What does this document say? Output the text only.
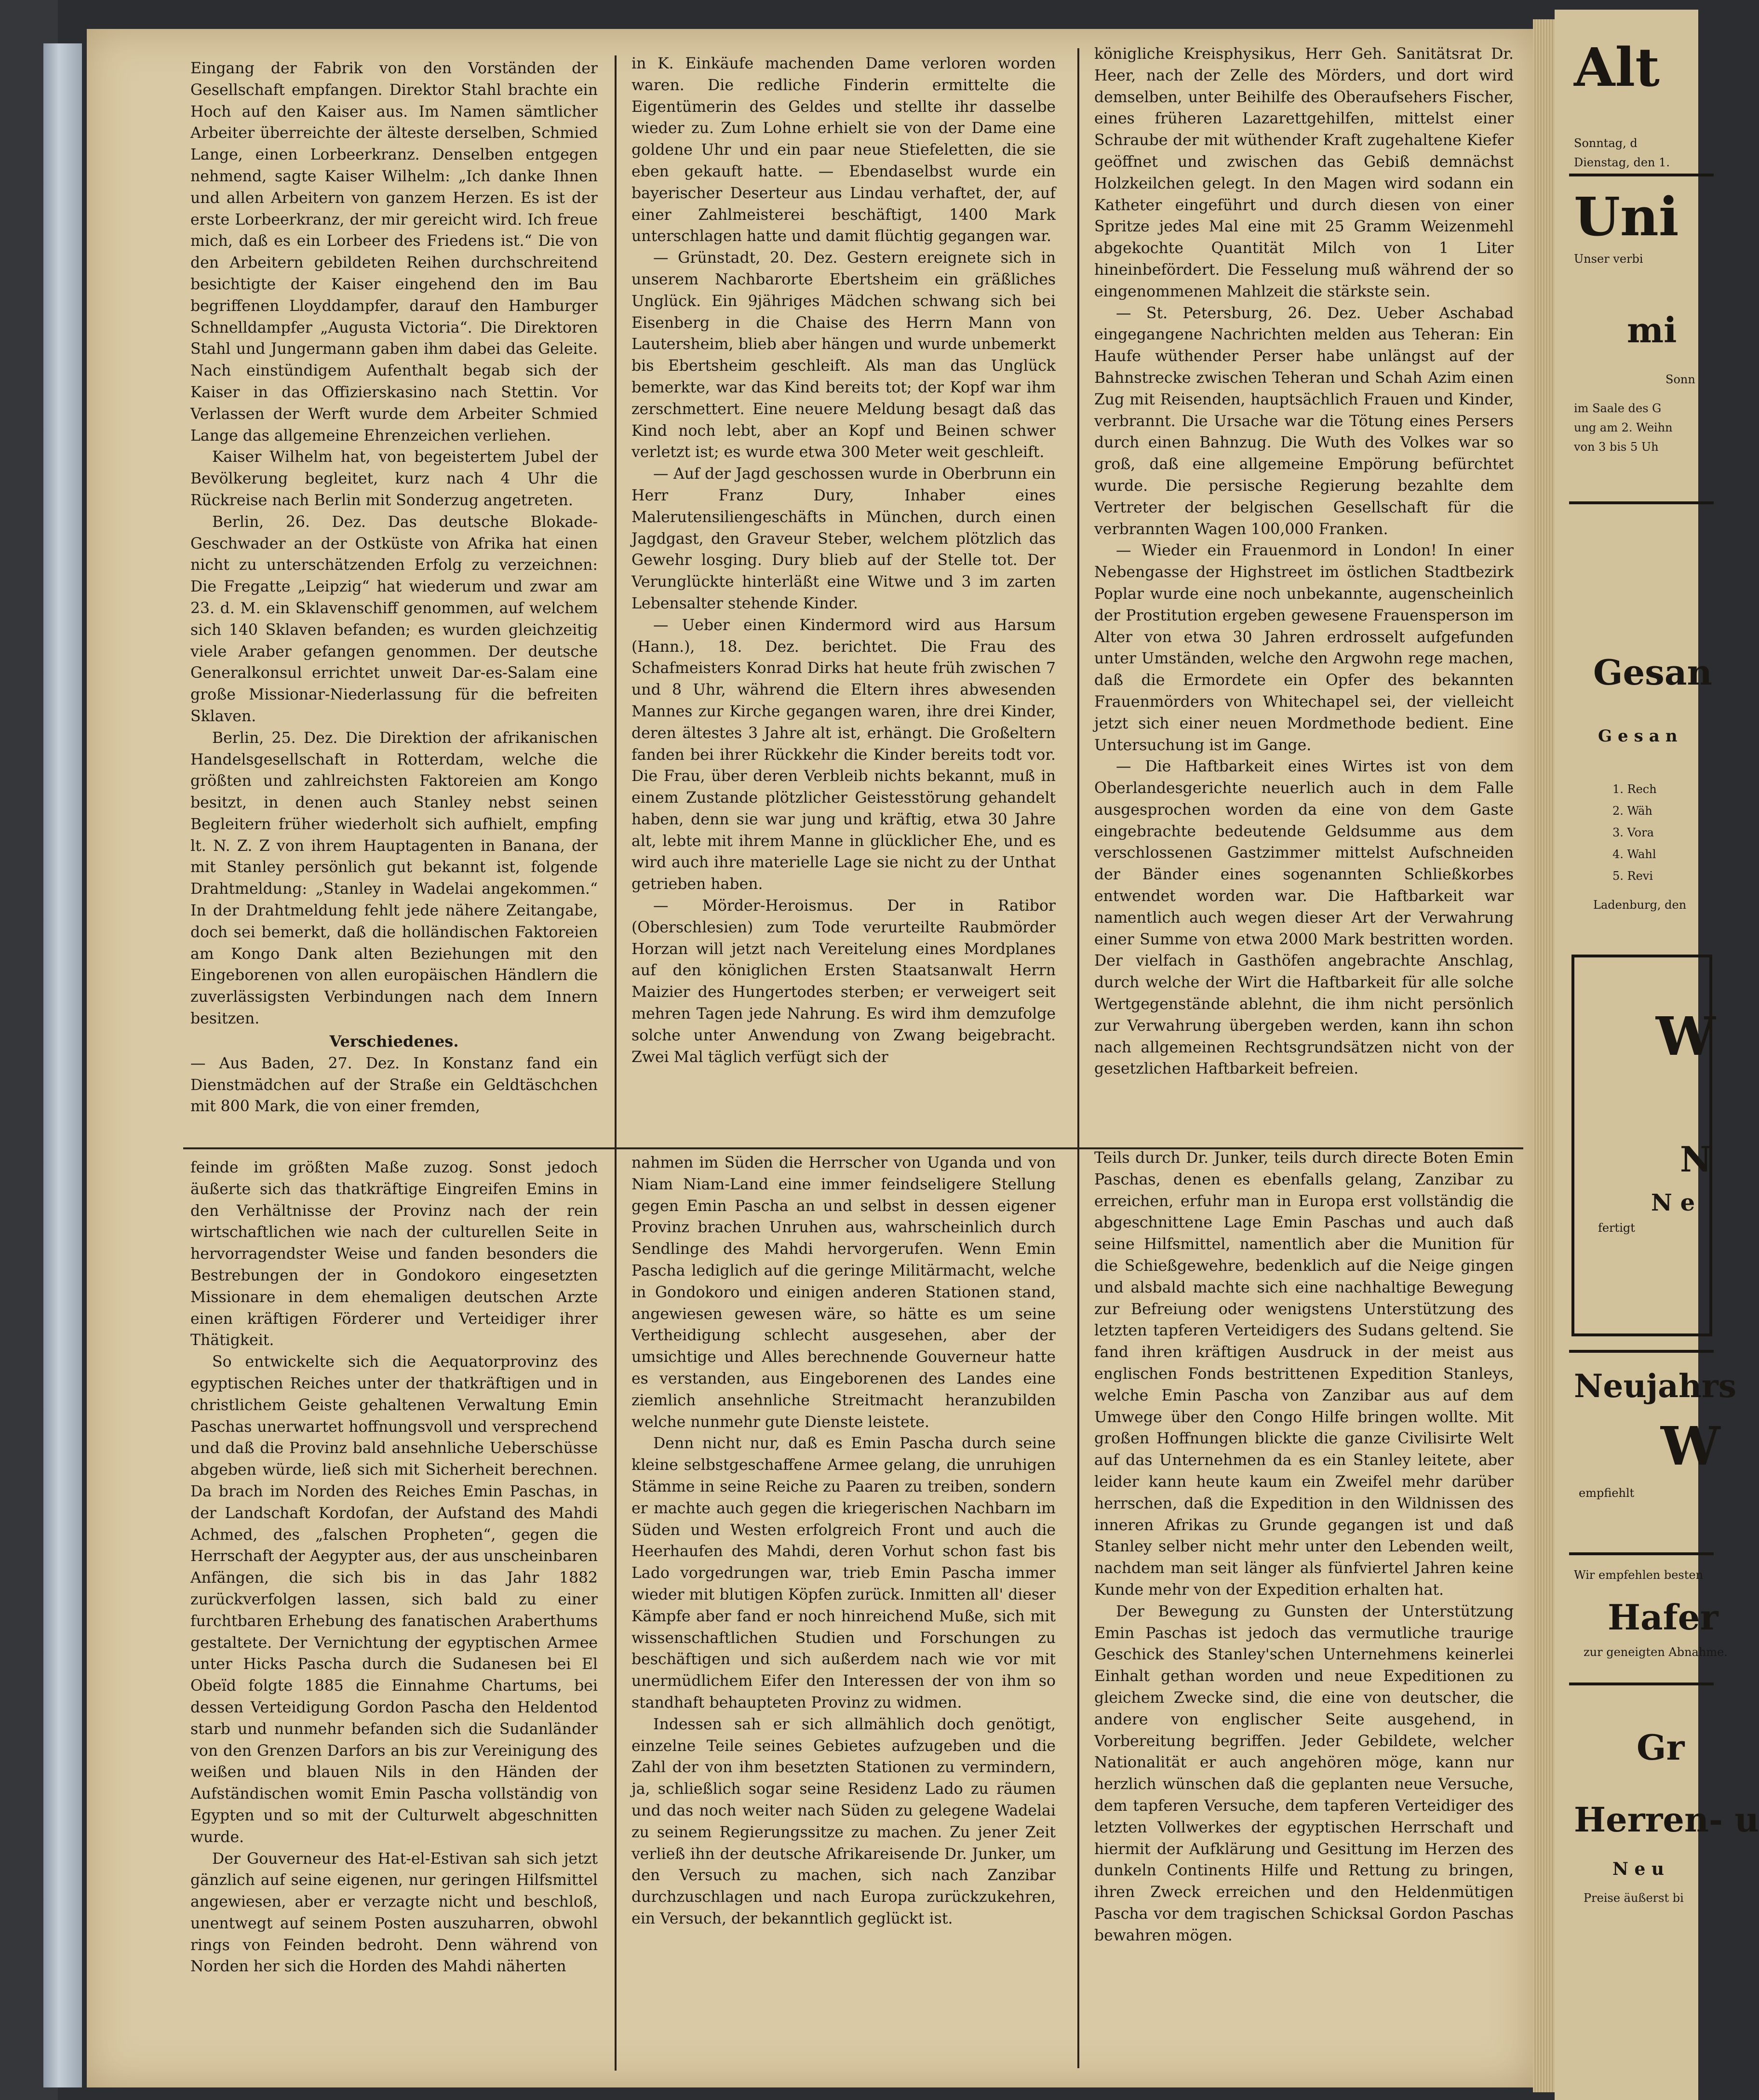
Eingang der Fabrik von den Vorständen der Gesellschaft empfangen. Direktor Stahl brachte ein Hoch auf den Kaiser aus. Im Namen sämtlicher Arbeiter überreichte der älteste derselben, Schmied Lange, einen Lorbeerkranz. Denselben entgegen nehmend, sagte Kaiser Wilhelm: „Ich danke Ihnen und allen Arbeitern von ganzem Herzen. Es ist der erste Lorbeerkranz, der mir gereicht wird. Ich freue mich, daß es ein Lorbeer des Friedens ist.“ Die von den Arbeitern gebildeten Reihen durchschreitend besichtigte der Kaiser eingehend den im Bau begriffenen Lloyddampfer, darauf den Hamburger Schnelldampfer „Augusta Victoria“. Die Direktoren Stahl und Jungermann gaben ihm dabei das Geleite. Nach einstündigem Aufenthalt begab sich der Kaiser in das Offizierskasino nach Stettin. Vor Verlassen der Werft wurde dem Arbeiter Schmied Lange das allgemeine Ehrenzeichen verliehen.

Kaiser Wilhelm hat, von begeistertem Jubel der Bevölkerung begleitet, kurz nach 4 Uhr die Rückreise nach Berlin mit Sonderzug angetreten.

Berlin, 26. Dez. Das deutsche Blokade-Geschwader an der Ostküste von Afrika hat einen nicht zu unterschätzenden Erfolg zu verzeichnen: Die Fregatte „Leipzig“ hat wiederum und zwar am 23. d. M. ein Sklavenschiff genommen, auf welchem sich 140 Sklaven befanden; es wurden gleichzeitig viele Araber gefangen genommen. Der deutsche Generalkonsul errichtet unweit Dar-es-Salam eine große Missionar-Niederlassung für die befreiten Sklaven.

Berlin, 25. Dez. Die Direktion der afrikanischen Handelsgesellschaft in Rotterdam, welche die größten und zahlreichsten Faktoreien am Kongo besitzt, in denen auch Stanley nebst seinen Begleitern früher wiederholt sich aufhielt, empfing lt. N. Z. Z von ihrem Hauptagenten in Banana, der mit Stanley persönlich gut bekannt ist, folgende Drahtmeldung: „Stanley in Wadelai angekommen.“ In der Drahtmeldung fehlt jede nähere Zeitangabe, doch sei bemerkt, daß die holländischen Faktoreien am Kongo Dank alten Beziehungen mit den Eingeborenen von allen europäischen Händlern die zuverlässigsten Verbindungen nach dem Innern besitzen.

Verschiedenes.

— Aus Baden, 27. Dez. In Konstanz fand ein Dienstmädchen auf der Straße ein Geldtäschchen mit 800 Mark, die von einer fremden,

in K. Einkäufe machenden Dame verloren worden waren. Die redliche Finderin ermittelte die Eigentümerin des Geldes und stellte ihr dasselbe wieder zu. Zum Lohne erhielt sie von der Dame eine goldene Uhr und ein paar neue Stiefeletten, die sie eben gekauft hatte. — Ebendaselbst wurde ein bayerischer Deserteur aus Lindau verhaftet, der, auf einer Zahlmeisterei beschäftigt, 1400 Mark unterschlagen hatte und damit flüchtig gegangen war.

— Grünstadt, 20. Dez. Gestern ereignete sich in unserem Nachbarorte Ebertsheim ein gräßliches Unglück. Ein 9jähriges Mädchen schwang sich bei Eisenberg in die Chaise des Herrn Mann von Lautersheim, blieb aber hängen und wurde unbemerkt bis Ebertsheim geschleift. Als man das Unglück bemerkte, war das Kind bereits tot; der Kopf war ihm zerschmettert. Eine neuere Meldung besagt daß das Kind noch lebt, aber an Kopf und Beinen schwer verletzt ist; es wurde etwa 300 Meter weit geschleift.

— Auf der Jagd geschossen wurde in Oberbrunn ein Herr Franz Dury, Inhaber eines Malerutensiliengeschäfts in München, durch einen Jagdgast, den Graveur Steber, welchem plötzlich das Gewehr losging. Dury blieb auf der Stelle tot. Der Verunglückte hinterläßt eine Witwe und 3 im zarten Lebensalter stehende Kinder.

— Ueber einen Kindermord wird aus Harsum (Hann.), 18. Dez. berichtet. Die Frau des Schafmeisters Konrad Dirks hat heute früh zwischen 7 und 8 Uhr, während die Eltern ihres abwesenden Mannes zur Kirche gegangen waren, ihre drei Kinder, deren ältestes 3 Jahre alt ist, erhängt. Die Großeltern fanden bei ihrer Rückkehr die Kinder bereits todt vor. Die Frau, über deren Verbleib nichts bekannt, muß in einem Zustande plötzlicher Geistesstörung gehandelt haben, denn sie war jung und kräftig, etwa 30 Jahre alt, lebte mit ihrem Manne in glücklicher Ehe, und es wird auch ihre materielle Lage sie nicht zu der Unthat getrieben haben.

— Mörder-Heroismus. Der in Ratibor (Oberschlesien) zum Tode verurteilte Raubmörder Horzan will jetzt nach Vereitelung eines Mordplanes auf den königlichen Ersten Staatsanwalt Herrn Maizier des Hungertodes sterben; er verweigert seit mehren Tagen jede Nahrung. Es wird ihm demzufolge solche unter Anwendung von Zwang beigebracht. Zwei Mal täglich verfügt sich der

königliche Kreisphysikus, Herr Geh. Sanitätsrat Dr. Heer, nach der Zelle des Mörders, und dort wird demselben, unter Beihilfe des Oberaufsehers Fischer, eines früheren Lazarettgehilfen, mittelst einer Schraube der mit wüthender Kraft zugehaltene Kiefer geöffnet und zwischen das Gebiß demnächst Holzkeilchen gelegt. In den Magen wird sodann ein Katheter eingeführt und durch diesen von einer Spritze jedes Mal eine mit 25 Gramm Weizenmehl abgekochte Quantität Milch von 1 Liter hineinbefördert. Die Fesselung muß während der so eingenommenen Mahlzeit die stärkste sein.

— St. Petersburg, 26. Dez. Ueber Aschabad eingegangene Nachrichten melden aus Teheran: Ein Haufe wüthender Perser habe unlängst auf der Bahnstrecke zwischen Teheran und Schah Azim einen Zug mit Reisenden, hauptsächlich Frauen und Kinder, verbrannt. Die Ursache war die Tötung eines Persers durch einen Bahnzug. Die Wuth des Volkes war so groß, daß eine allgemeine Empörung befürchtet wurde. Die persische Regierung bezahlte dem Vertreter der belgischen Gesellschaft für die verbrannten Wagen 100,000 Franken.

— Wieder ein Frauenmord in London! In einer Nebengasse der Highstreet im östlichen Stadtbezirk Poplar wurde eine noch unbekannte, augenscheinlich der Prostitution ergeben gewesene Frauensperson im Alter von etwa 30 Jahren erdrosselt aufgefunden unter Umständen, welche den Argwohn rege machen, daß die Ermordete ein Opfer des bekannten Frauenmörders von Whitechapel sei, der vielleicht jetzt sich einer neuen Mordmethode bedient. Eine Untersuchung ist im Gange.

— Die Haftbarkeit eines Wirtes ist von dem Oberlandesgerichte neuerlich auch in dem Falle ausgesprochen worden da eine von dem Gaste eingebrachte bedeutende Geldsumme aus dem verschlossenen Gastzimmer mittelst Aufschneiden der Bänder eines sogenannten Schließkorbes entwendet worden war. Die Haftbarkeit war namentlich auch wegen dieser Art der Verwahrung einer Summe von etwa 2000 Mark bestritten worden. Der vielfach in Gasthöfen angebrachte Anschlag, durch welche der Wirt die Haftbarkeit für alle solche Wertgegenstände ablehnt, die ihm nicht persönlich zur Verwahrung übergeben werden, kann ihn schon nach allgemeinen Rechtsgrundsätzen nicht von der gesetzlichen Haftbarkeit befreien.

feinde im größten Maße zuzog. Sonst jedoch äußerte sich das thatkräftige Eingreifen Emins in den Verhältnisse der Provinz nach der rein wirtschaftlichen wie nach der culturellen Seite in hervorragendster Weise und fanden besonders die Bestrebungen der in Gondokoro eingesetzten Missionare in dem ehemaligen deutschen Arzte einen kräftigen Förderer und Verteidiger ihrer Thätigkeit.

So entwickelte sich die Aequatorprovinz des egyptischen Reiches unter der thatkräftigen und in christlichem Geiste gehaltenen Verwaltung Emin Paschas unerwartet hoffnungsvoll und versprechend und daß die Provinz bald ansehnliche Ueberschüsse abgeben würde, ließ sich mit Sicherheit berechnen. Da brach im Norden des Reiches Emin Paschas, in der Landschaft Kordofan, der Aufstand des Mahdi Achmed, des „falschen Propheten“, gegen die Herrschaft der Aegypter aus, der aus unscheinbaren Anfängen, die sich bis in das Jahr 1882 zurückverfolgen lassen, sich bald zu einer furchtbaren Erhebung des fanatischen Araberthums gestaltete. Der Vernichtung der egyptischen Armee unter Hicks Pascha durch die Sudanesen bei El Obeïd folgte 1885 die Einnahme Chartums, bei dessen Verteidigung Gordon Pascha den Heldentod starb und nunmehr befanden sich die Sudanländer von den Grenzen Darfors an bis zur Vereinigung des weißen und blauen Nils in den Händen der Aufständischen womit Emin Pascha vollständig von Egypten und so mit der Culturwelt abgeschnitten wurde.

Der Gouverneur des Hat-el-Estivan sah sich jetzt gänzlich auf seine eigenen, nur geringen Hilfsmittel angewiesen, aber er verzagte nicht und beschloß, unentwegt auf seinem Posten auszuharren, obwohl rings von Feinden bedroht. Denn während von Norden her sich die Horden des Mahdi näherten

nahmen im Süden die Herrscher von Uganda und von Niam Niam-Land eine immer feindseligere Stellung gegen Emin Pascha an und selbst in dessen eigener Provinz brachen Unruhen aus, wahrscheinlich durch Sendlinge des Mahdi hervorgerufen. Wenn Emin Pascha lediglich auf die geringe Militärmacht, welche in Gondokoro und einigen anderen Stationen stand, angewiesen gewesen wäre, so hätte es um seine Vertheidigung schlecht ausgesehen, aber der umsichtige und Alles berechnende Gouverneur hatte es verstanden, aus Eingeborenen des Landes eine ziemlich ansehnliche Streitmacht heranzubilden welche nunmehr gute Dienste leistete.

Denn nicht nur, daß es Emin Pascha durch seine kleine selbstgeschaffene Armee gelang, die unruhigen Stämme in seine Reiche zu Paaren zu treiben, sondern er machte auch gegen die kriegerischen Nachbarn im Süden und Westen erfolgreich Front und auch die Heerhaufen des Mahdi, deren Vorhut schon fast bis Lado vorgedrungen war, trieb Emin Pascha immer wieder mit blutigen Köpfen zurück. Inmitten all' dieser Kämpfe aber fand er noch hinreichend Muße, sich mit wissenschaftlichen Studien und Forschungen zu beschäftigen und sich außerdem nach wie vor mit unermüdlichem Eifer den Interessen der von ihm so standhaft behaupteten Provinz zu widmen.

Indessen sah er sich allmählich doch genötigt, einzelne Teile seines Gebietes aufzugeben und die Zahl der von ihm besetzten Stationen zu vermindern, ja, schließlich sogar seine Residenz Lado zu räumen und das noch weiter nach Süden zu gelegene Wadelai zu seinem Regierungssitze zu machen. Zu jener Zeit verließ ihn der deutsche Afrikareisende Dr. Junker, um den Versuch zu machen, sich nach Zanzibar durchzuschlagen und nach Europa zurückzukehren, ein Versuch, der bekanntlich geglückt ist.

Teils durch Dr. Junker, teils durch directe Boten Emin Paschas, denen es ebenfalls gelang, Zanzibar zu erreichen, erfuhr man in Europa erst vollständig die abgeschnittene Lage Emin Paschas und auch daß seine Hilfsmittel, namentlich aber die Munition für die Schießgewehre, bedenklich auf die Neige gingen und alsbald machte sich eine nachhaltige Bewegung zur Befreiung oder wenigstens Unterstützung des letzten tapferen Verteidigers des Sudans geltend. Sie fand ihren kräftigen Ausdruck in der meist aus englischen Fonds bestrittenen Expedition Stanleys, welche Emin Pascha von Zanzibar aus auf dem Umwege über den Congo Hilfe bringen wollte. Mit großen Hoffnungen blickte die ganze Civilisirte Welt auf das Unternehmen da es ein Stanley leitete, aber leider kann heute kaum ein Zweifel mehr darüber herrschen, daß die Expedition in den Wildnissen des inneren Afrikas zu Grunde gegangen ist und daß Stanley selber nicht mehr unter den Lebenden weilt, nachdem man seit länger als fünfviertel Jahren keine Kunde mehr von der Expedition erhalten hat.

Der Bewegung zu Gunsten der Unterstützung Emin Paschas ist jedoch das vermutliche traurige Geschick des Stanley'schen Unternehmens keinerlei Einhalt gethan worden und neue Expeditionen zu gleichem Zwecke sind, die eine von deutscher, die andere von englischer Seite ausgehend, in Vorbereitung begriffen. Jeder Gebildete, welcher Nationalität er auch angehören möge, kann nur herzlich wünschen daß die geplanten neue Versuche, dem tapferen Versuche, dem tapferen Verteidiger des letzten Vollwerkes der egyptischen Herrschaft und hiermit der Aufklärung und Gesittung im Herzen des dunkeln Continents Hilfe und Rettung zu bringen, ihren Zweck erreichen und den Heldenmütigen Pascha vor dem tragischen Schicksal Gordon Paschas bewahren mögen.

Alt
Sonntag, d
Dienstag, den 1.
Uni
Unser verbi
mi
Sonn
im Saale des G
ung am 2. Weihn
von 3 bis 5 Uh
Gesan
Gesan
1. Rech
2. Wäh
3. Vora
4. Wahl
5. Revi
Ladenburg, den
W
N
N e
fertigt
Neujahrs
W
empfiehlt
Wir empfehlen besten
Hafer
zur geneigten Abnahme.
Gr
Herren- u
N e u
Preise äußerst bi
